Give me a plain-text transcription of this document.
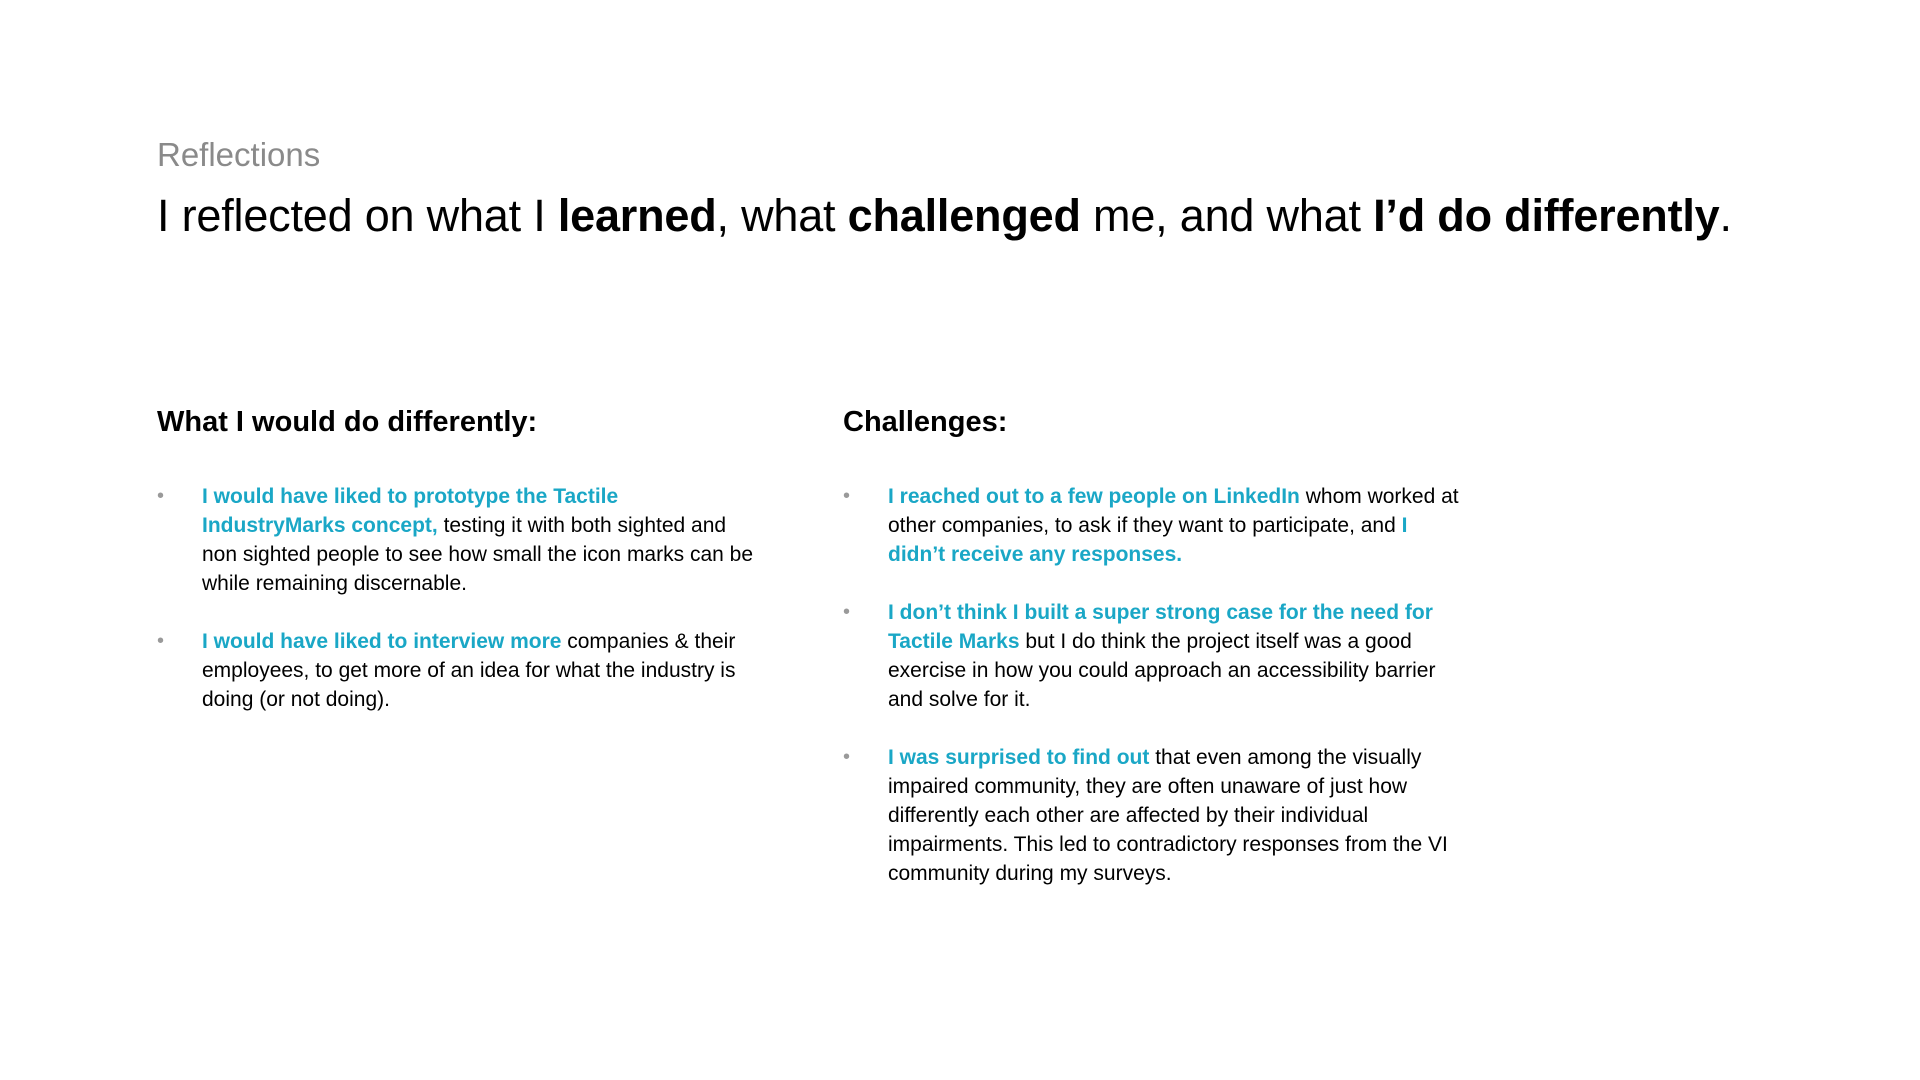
Reflections
I reflected on what I learned, what challenged me, and what I’d do differently.
What I would do differently:
• I would have liked to prototype the Tactile IndustryMarks concept, testing it with both sighted and non sighted people to see how small the icon marks can be while remaining discernable.
• I would have liked to interview more companies & their employees, to get more of an idea for what the industry is doing (or not doing).
Challenges:
• I reached out to a few people on LinkedIn whom worked at other companies, to ask if they want to participate, and I didn’t receive any responses.
• I don’t think I built a super strong case for the need for Tactile Marks but I do think the project itself was a good exercise in how you could approach an accessibility barrier and solve for it.
• I was surprised to find out that even among the visually impaired community, they are often unaware of just how differently each other are affected by their individual impairments. This led to contradictory responses from the VI community during my surveys.
